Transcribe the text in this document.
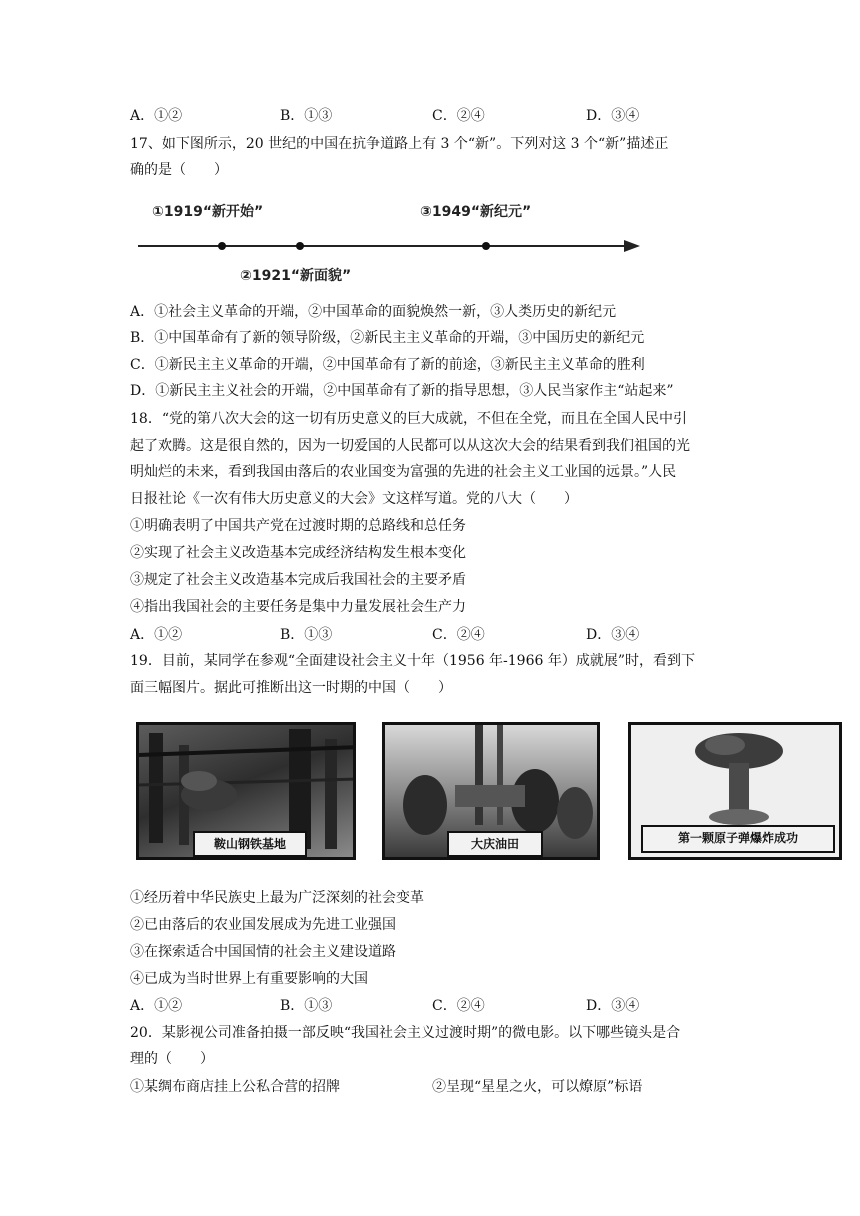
A．①②	B．①③	C．②④	D．③④
17、如下图所示，20 世纪的中国在抗争道路上有 3 个“新”。下列对这 3 个“新”描述正
确的是（　　）
①1919“新开始”	③1949“新纪元”
②1921“新面貌”
A．①社会主义革命的开端，②中国革命的面貌焕然一新，③人类历史的新纪元
B．①中国革命有了新的领导阶级，②新民主主义革命的开端，③中国历史的新纪元
C．①新民主主义革命的开端，②中国革命有了新的前途，③新民主主义革命的胜利
D．①新民主主义社会的开端，②中国革命有了新的指导思想，③人民当家作主“站起来”
18．“党的第八次大会的这一切有历史意义的巨大成就，不但在全党，而且在全国人民中引
起了欢腾。这是很自然的，因为一切爱国的人民都可以从这次大会的结果看到我们祖国的光
明灿烂的未来，看到我国由落后的农业国变为富强的先进的社会主义工业国的远景。”人民
日报社论《一次有伟大历史意义的大会》文这样写道。党的八大（　　）
①明确表明了中国共产党在过渡时期的总路线和总任务
②实现了社会主义改造基本完成经济结构发生根本变化
③规定了社会主义改造基本完成后我国社会的主要矛盾
④指出我国社会的主要任务是集中力量发展社会生产力
A．①②	B．①③	C．②④	D．③④
19．目前，某同学在参观“全面建设社会主义十年（1956 年-1966 年）成就展”时，看到下
面三幅图片。据此可推断出这一时期的中国（　　）
鞍山钢铁基地	大庆油田	第一颗原子弹爆炸成功
①经历着中华民族史上最为广泛深刻的社会变革
②已由落后的农业国发展成为先进工业强国
③在探索适合中国国情的社会主义建设道路
④已成为当时世界上有重要影响的大国
A．①②	B．①③	C．②④	D．③④
20．某影视公司准备拍摄一部反映“我国社会主义过渡时期”的微电影。以下哪些镜头是合
理的（　　）
①某绸布商店挂上公私合营的招牌	②呈现“星星之火，可以燎原”标语
